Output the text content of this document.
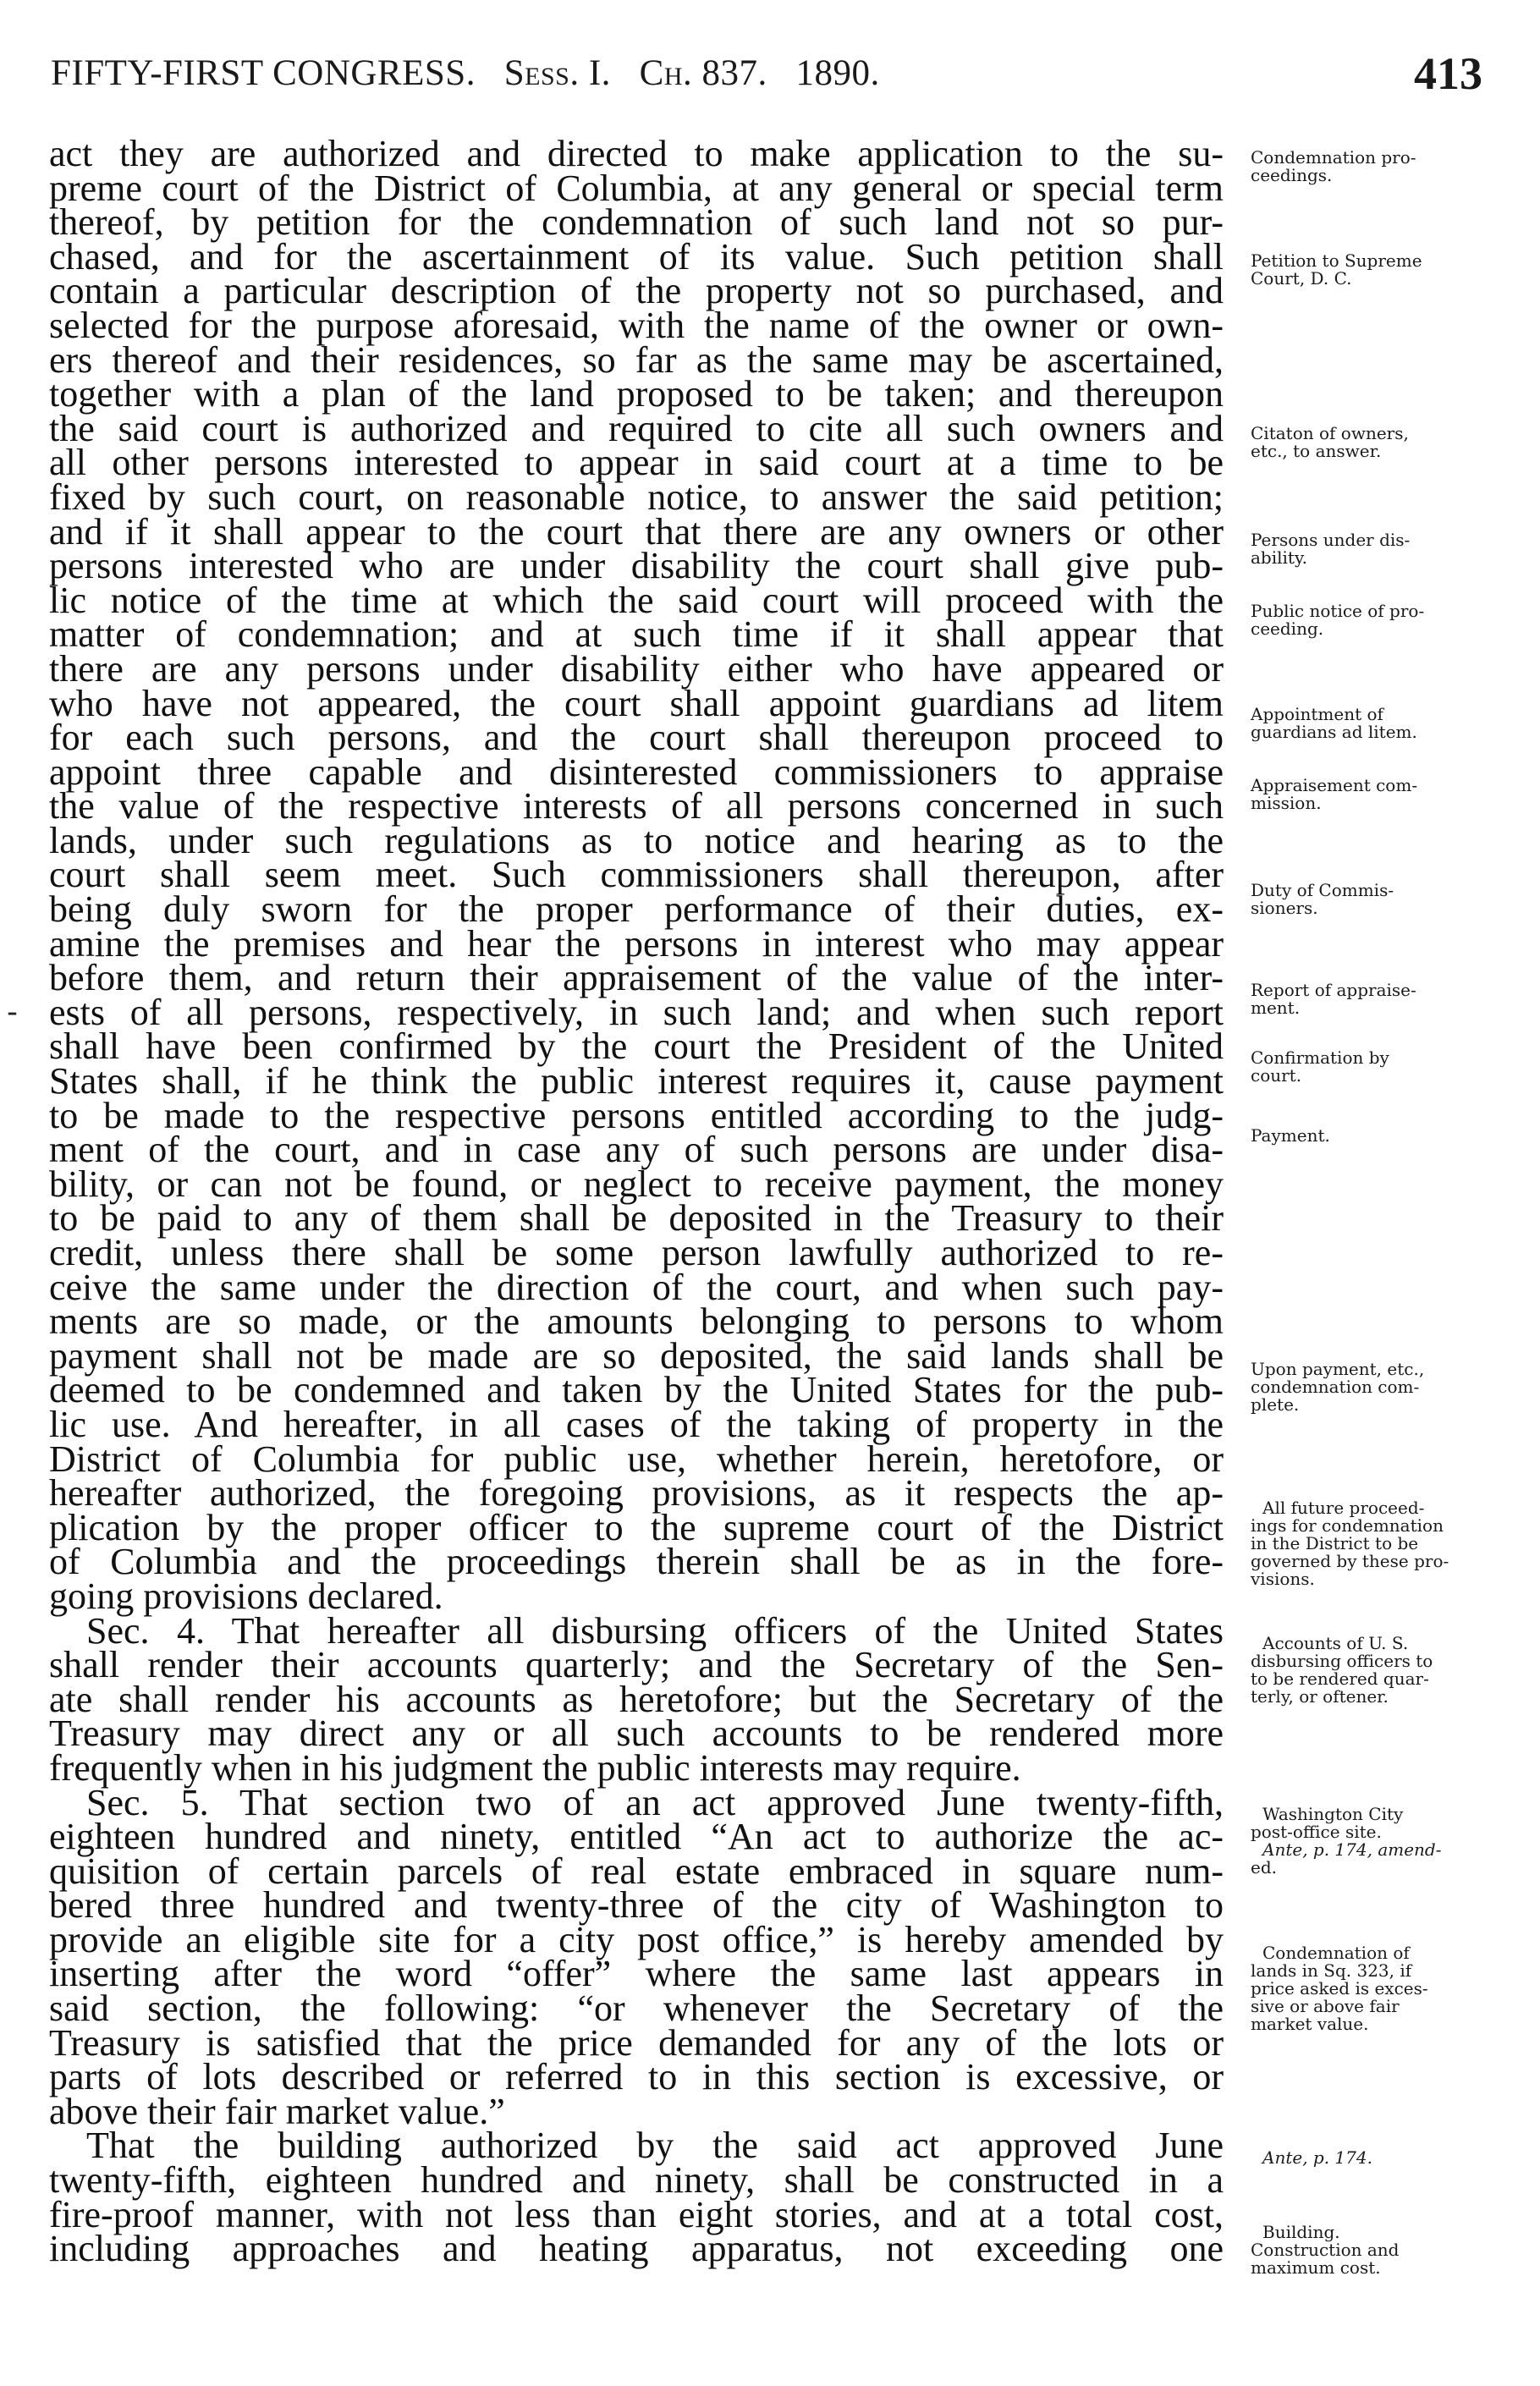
FIFTY-FIRST CONGRESS. Sess. I. Ch. 837. 1890.	413
‑
act they are authorized and directed to make application to the su-
preme court of the District of Columbia, at any general or special term
thereof, by petition for the condemnation of such land not so pur-
chased, and for the ascertainment of its value. Such petition shall
contain a particular description of the property not so purchased, and
selected for the purpose aforesaid, with the name of the owner or own-
ers thereof and their residences, so far as the same may be ascertained,
together with a plan of the land proposed to be taken; and thereupon
the said court is authorized and required to cite all such owners and
all other persons interested to appear in said court at a time to be
fixed by such court, on reasonable notice, to answer the said petition;
and if it shall appear to the court that there are any owners or other
persons interested who are under disability the court shall give pub-
lic notice of the time at which the said court will proceed with the
matter of condemnation; and at such time if it shall appear that
there are any persons under disability either who have appeared or
who have not appeared, the court shall appoint guardians ad litem
for each such persons, and the court shall thereupon proceed to
appoint three capable and disinterested commissioners to appraise
the value of the respective interests of all persons concerned in such
lands, under such regulations as to notice and hearing as to the
court shall seem meet. Such commissioners shall thereupon, after
being duly sworn for the proper performance of their duties, ex-
amine the premises and hear the persons in interest who may appear
before them, and return their appraisement of the value of the inter-
ests of all persons, respectively, in such land; and when such report
shall have been confirmed by the court the President of the United
States shall, if he think the public interest requires it, cause payment
to be made to the respective persons entitled according to the judg-
ment of the court, and in case any of such persons are under disa-
bility, or can not be found, or neglect to receive payment, the money
to be paid to any of them shall be deposited in the Treasury to their
credit, unless there shall be some person lawfully authorized to re-
ceive the same under the direction of the court, and when such pay-
ments are so made, or the amounts belonging to persons to whom
payment shall not be made are so deposited, the said lands shall be
deemed to be condemned and taken by the United States for the pub-
lic use. And hereafter, in all cases of the taking of property in the
District of Columbia for public use, whether herein, heretofore, or
hereafter authorized, the foregoing provisions, as it respects the ap-
plication by the proper officer to the supreme court of the District
of Columbia and the proceedings therein shall be as in the fore-
going provisions declared.
Sec. 4. That hereafter all disbursing officers of the United States
shall render their accounts quarterly; and the Secretary of the Sen-
ate shall render his accounts as heretofore; but the Secretary of the
Treasury may direct any or all such accounts to be rendered more
frequently when in his judgment the public interests may require.
Sec. 5. That section two of an act approved June twenty-fifth,
eighteen hundred and ninety, entitled “An act to authorize the ac-
quisition of certain parcels of real estate embraced in square num-
bered three hundred and twenty-three of the city of Washington to
provide an eligible site for a city post office,” is hereby amended by
inserting after the word “offer” where the same last appears in
said section, the following: “or whenever the Secretary of the
Treasury is satisfied that the price demanded for any of the lots or
parts of lots described or referred to in this section is excessive, or
above their fair market value.”
That the building authorized by the said act approved June
twenty-fifth, eighteen hundred and ninety, shall be constructed in a
fire-proof manner, with not less than eight stories, and at a total cost,
including approaches and heating apparatus, not exceeding one
Condemnation pro-
ceedings.
Petition to Supreme
Court, D. C.
Citaton of owners,
etc., to answer.
Persons under dis-
ability.
Public notice of pro-
ceeding.
Appointment of
guardians ad litem.
Appraisement com-
mission.
Duty of Commis-
sioners.
Report of appraise-
ment.
Confirmation by
court.
Payment.
Upon payment, etc.,
condemnation com-
plete.
All future proceed-
ings for condemnation
in the District to be
governed by these pro-
visions.
Accounts of U. S.
disbursing officers to
to be rendered quar-
terly, or oftener.
Washington City
post-office site.
Ante, p. 174, amend-
ed.
Condemnation of
lands in Sq. 323, if
price asked is exces-
sive or above fair
market value.
Ante, p. 174.
Building.
Construction and
maximum cost.
